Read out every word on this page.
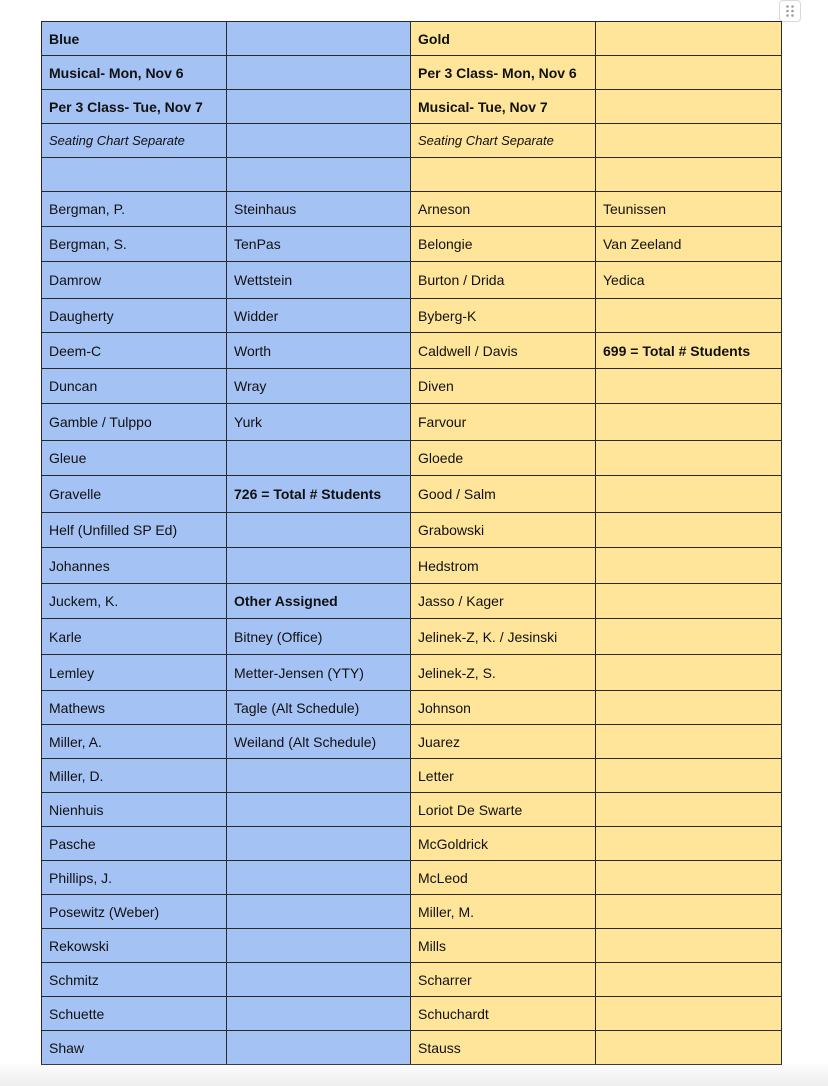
Blue		Gold	
Musical- Mon, Nov 6		Per 3 Class- Mon, Nov 6	
Per 3 Class- Tue, Nov 7		Musical- Tue, Nov 7	
Seating Chart Separate		Seating Chart Separate	

Bergman, P.	Steinhaus	Arneson	Teunissen
Bergman, S.	TenPas	Belongie	Van Zeeland
Damrow	Wettstein	Burton / Drida	Yedica
Daugherty	Widder	Byberg-K	
Deem-C	Worth	Caldwell / Davis	699 = Total # Students
Duncan	Wray	Diven	
Gamble / Tulppo	Yurk	Farvour	
Gleue		Gloede	
Gravelle	726 = Total # Students	Good / Salm	
Helf (Unfilled SP Ed)		Grabowski	
Johannes		Hedstrom	
Juckem, K.	Other Assigned	Jasso / Kager	
Karle	Bitney (Office)	Jelinek-Z, K. / Jesinski	
Lemley	Metter-Jensen (YTY)	Jelinek-Z, S.	
Mathews	Tagle (Alt Schedule)	Johnson	
Miller, A.	Weiland (Alt Schedule)	Juarez	
Miller, D.		Letter	
Nienhuis		Loriot De Swarte	
Pasche		McGoldrick	
Phillips, J.		McLeod	
Posewitz (Weber)		Miller, M.	
Rekowski		Mills	
Schmitz		Scharrer	
Schuette		Schuchardt	
Shaw		Stauss	
